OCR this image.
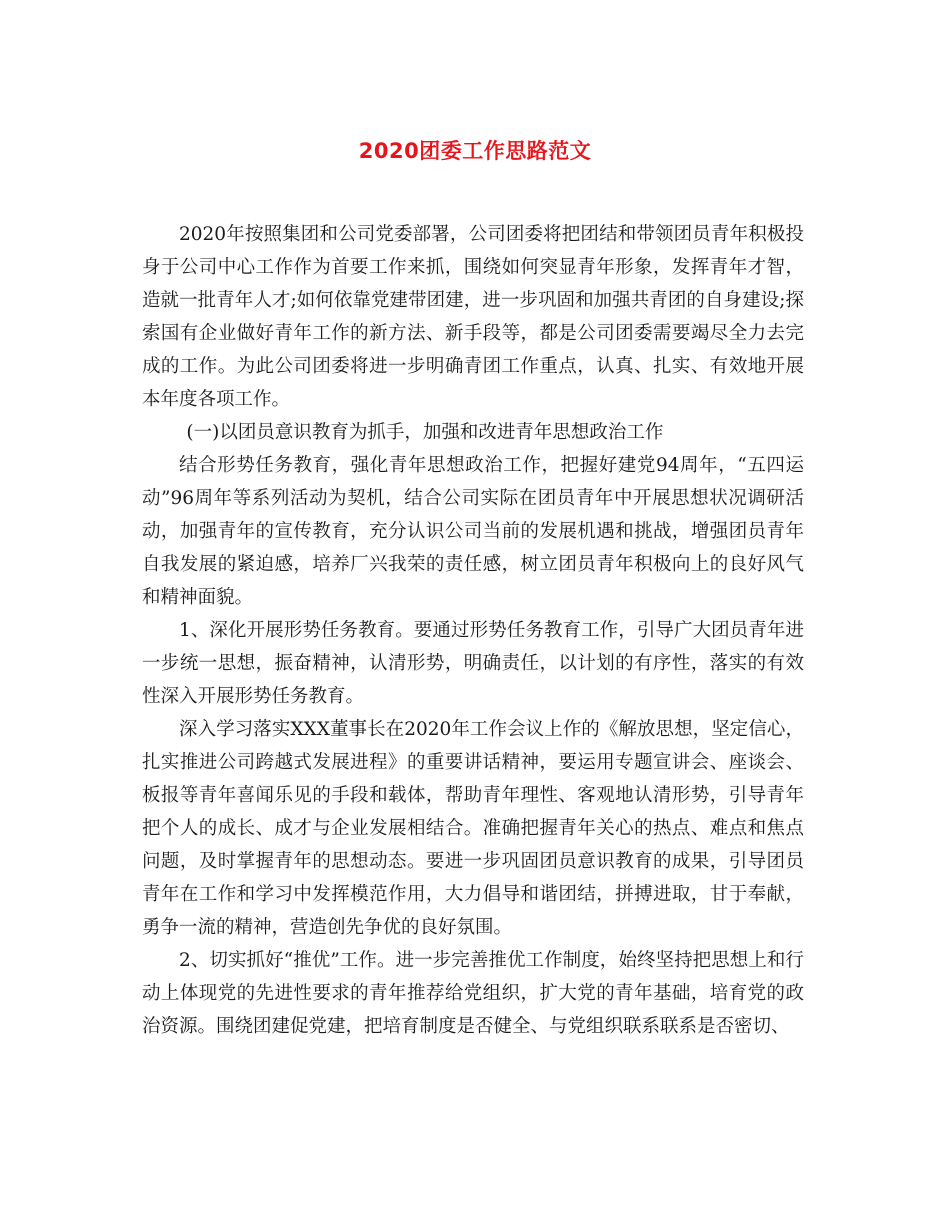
2020团委工作思路范文

2020年按照集团和公司党委部署，公司团委将把团结和带领团员青年积极投身于公司中心工作作为首要工作来抓，围绕如何突显青年形象，发挥青年才智，造就一批青年人才;如何依靠党建带团建，进一步巩固和加强共青团的自身建设;探索国有企业做好青年工作的新方法、新手段等，都是公司团委需要竭尽全力去完成的工作。为此公司团委将进一步明确青团工作重点，认真、扎实、有效地开展本年度各项工作。

(一)以团员意识教育为抓手，加强和改进青年思想政治工作

结合形势任务教育，强化青年思想政治工作，把握好建党94周年，“五四运动”96周年等系列活动为契机，结合公司实际在团员青年中开展思想状况调研活动，加强青年的宣传教育，充分认识公司当前的发展机遇和挑战，增强团员青年自我发展的紧迫感，培养厂兴我荣的责任感，树立团员青年积极向上的良好风气和精神面貌。

1、深化开展形势任务教育。要通过形势任务教育工作，引导广大团员青年进一步统一思想，振奋精神，认清形势，明确责任，以计划的有序性，落实的有效性深入开展形势任务教育。

深入学习落实XXX董事长在2020年工作会议上作的《解放思想，坚定信心，扎实推进公司跨越式发展进程》的重要讲话精神，要运用专题宣讲会、座谈会、板报等青年喜闻乐见的手段和载体，帮助青年理性、客观地认清形势，引导青年把个人的成长、成才与企业发展相结合。准确把握青年关心的热点、难点和焦点问题，及时掌握青年的思想动态。要进一步巩固团员意识教育的成果，引导团员青年在工作和学习中发挥模范作用，大力倡导和谐团结，拼搏进取，甘于奉献，勇争一流的精神，营造创先争优的良好氛围。

2、切实抓好“推优”工作。进一步完善推优工作制度，始终坚持把思想上和行动上体现党的先进性要求的青年推荐给党组织，扩大党的青年基础，培育党的政治资源。围绕团建促党建，把培育制度是否健全、与党组织联系联系是否密切、
